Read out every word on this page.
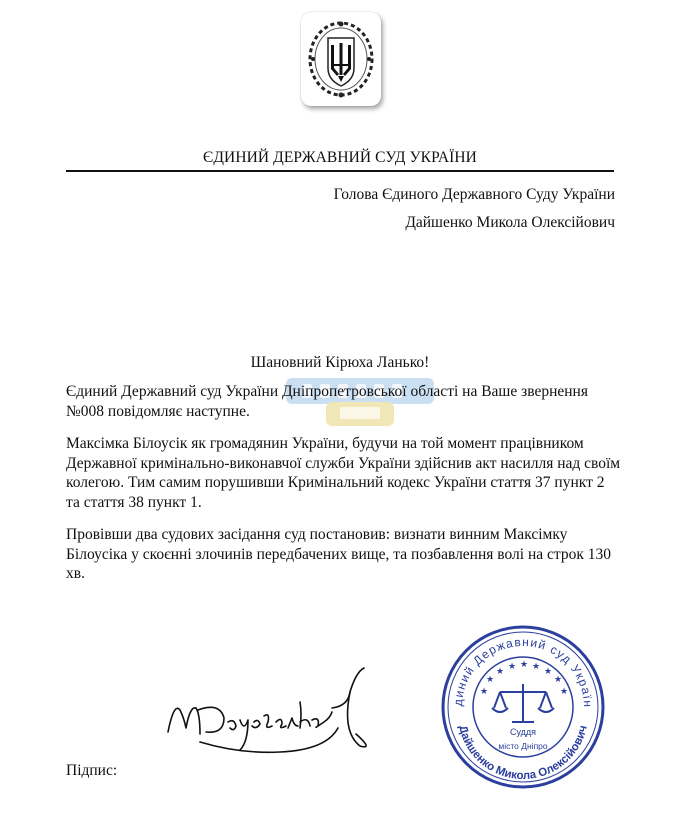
ЄДИНИЙ ДЕРЖАВНИЙ СУД УКРАЇНИ
Голова Єдиного Державного Суду України
Дайшенко Микола Олексійович
Шановний Кірюха Ланько!
Єдиний Державний суд України Дніпропетровської області на Ваше звернення №008 повідомляє наступне.
Максімка Білоусік як громадянин України, будучи на той момент працівником Державної кримінально-виконавчої служби України здійснив акт насилля над своїм колегою. Тим самим порушивши Кримінальний кодекс України стаття 37 пункт 2 та стаття 38 пункт 1.
Провівши два судових засідання суд постановив: визнати винним Максімку Білоусіка у скоєнні злочинів передбачених вище, та позбавлення волі на строк 130 хв.
Підпис:
диний Державний суд Україн
Дайшенко Микола Олексійович
★
★ ★ ★ ★ ★
★
★	★
Суддя
місто Дніпро
